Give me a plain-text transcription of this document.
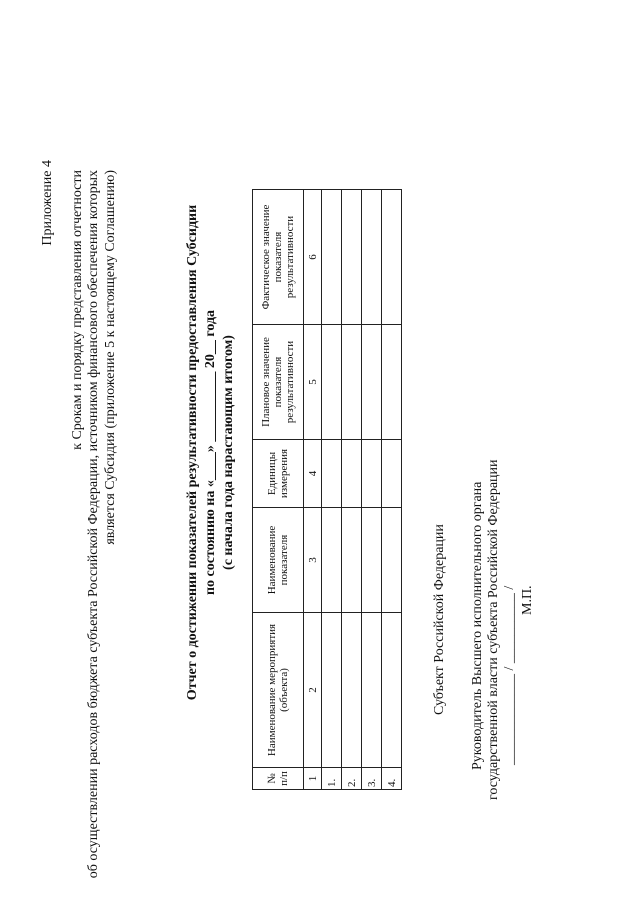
Приложение 4 к Срокам и порядку представления отчетности об осуществлении расходов бюджета субъекта Российской Федерации, источником финансового обеспечения которых является Субсидия (приложение 5 к настоящему Соглашению)	Отчет о достижении показателей результативности предоставления Субсидии по состоянию на «____» __________ 20__ года (с начала года нарастающим итогом)
№ п/п	Наименование мероприятия (объекта)	Наименование показателя	Единицы измерения	Плановое значение показателя результативности	Фактическое значение показателя результативности
1	2	3	4	5	6
1.					
2.					
3.					
4.					
Субъект Российской Федерации Руководитель Высшего исполнительного органа государственной власти субъекта Российской Федерации _____________ / __________ / М.П.
